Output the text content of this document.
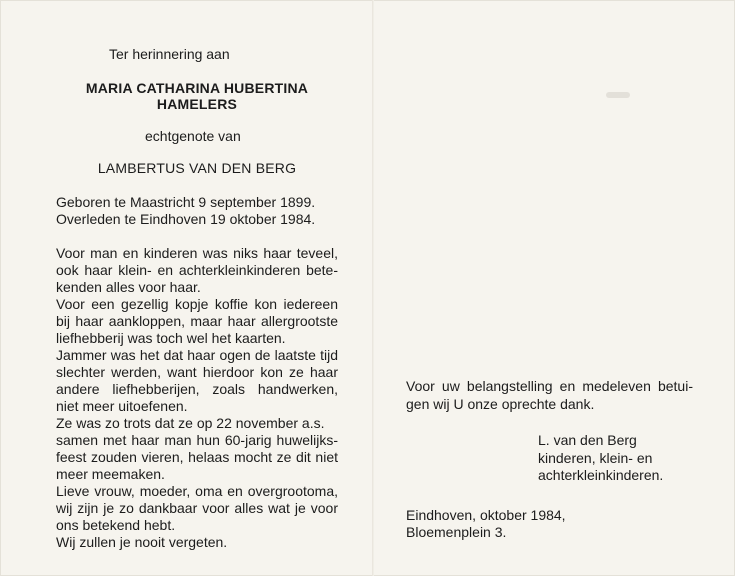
Ter herinnering aan
MARIA CATHARINA HUBERTINA
HAMELERS
echtgenote van
LAMBERTUS VAN DEN BERG
Geboren te Maastricht 9 september 1899.
Overleden te Eindhoven 19 oktober 1984.
Voor man en kinderen was niks haar teveel,
ook haar klein- en achterkleinkinderen bete-
kenden alles voor haar.
Voor een gezellig kopje koffie kon iedereen
bij haar aankloppen, maar haar allergrootste
liefhebberij was toch wel het kaarten.
Jammer was het dat haar ogen de laatste tijd
slechter werden, want hierdoor kon ze haar
andere liefhebberijen, zoals handwerken,
niet meer uitoefenen.
Ze was zo trots dat ze op 22 november a.s.
samen met haar man hun 60-jarig huwelijks-
feest zouden vieren, helaas mocht ze dit niet
meer meemaken.
Lieve vrouw, moeder, oma en overgrootoma,
wij zijn je zo dankbaar voor alles wat je voor
ons betekend hebt.
Wij zullen je nooit vergeten.
Voor uw belangstelling en medeleven betui-
gen wij U onze oprechte dank.
L. van den Berg
kinderen, klein- en
achterkleinkinderen.
Eindhoven, oktober 1984,
Bloemenplein 3.
